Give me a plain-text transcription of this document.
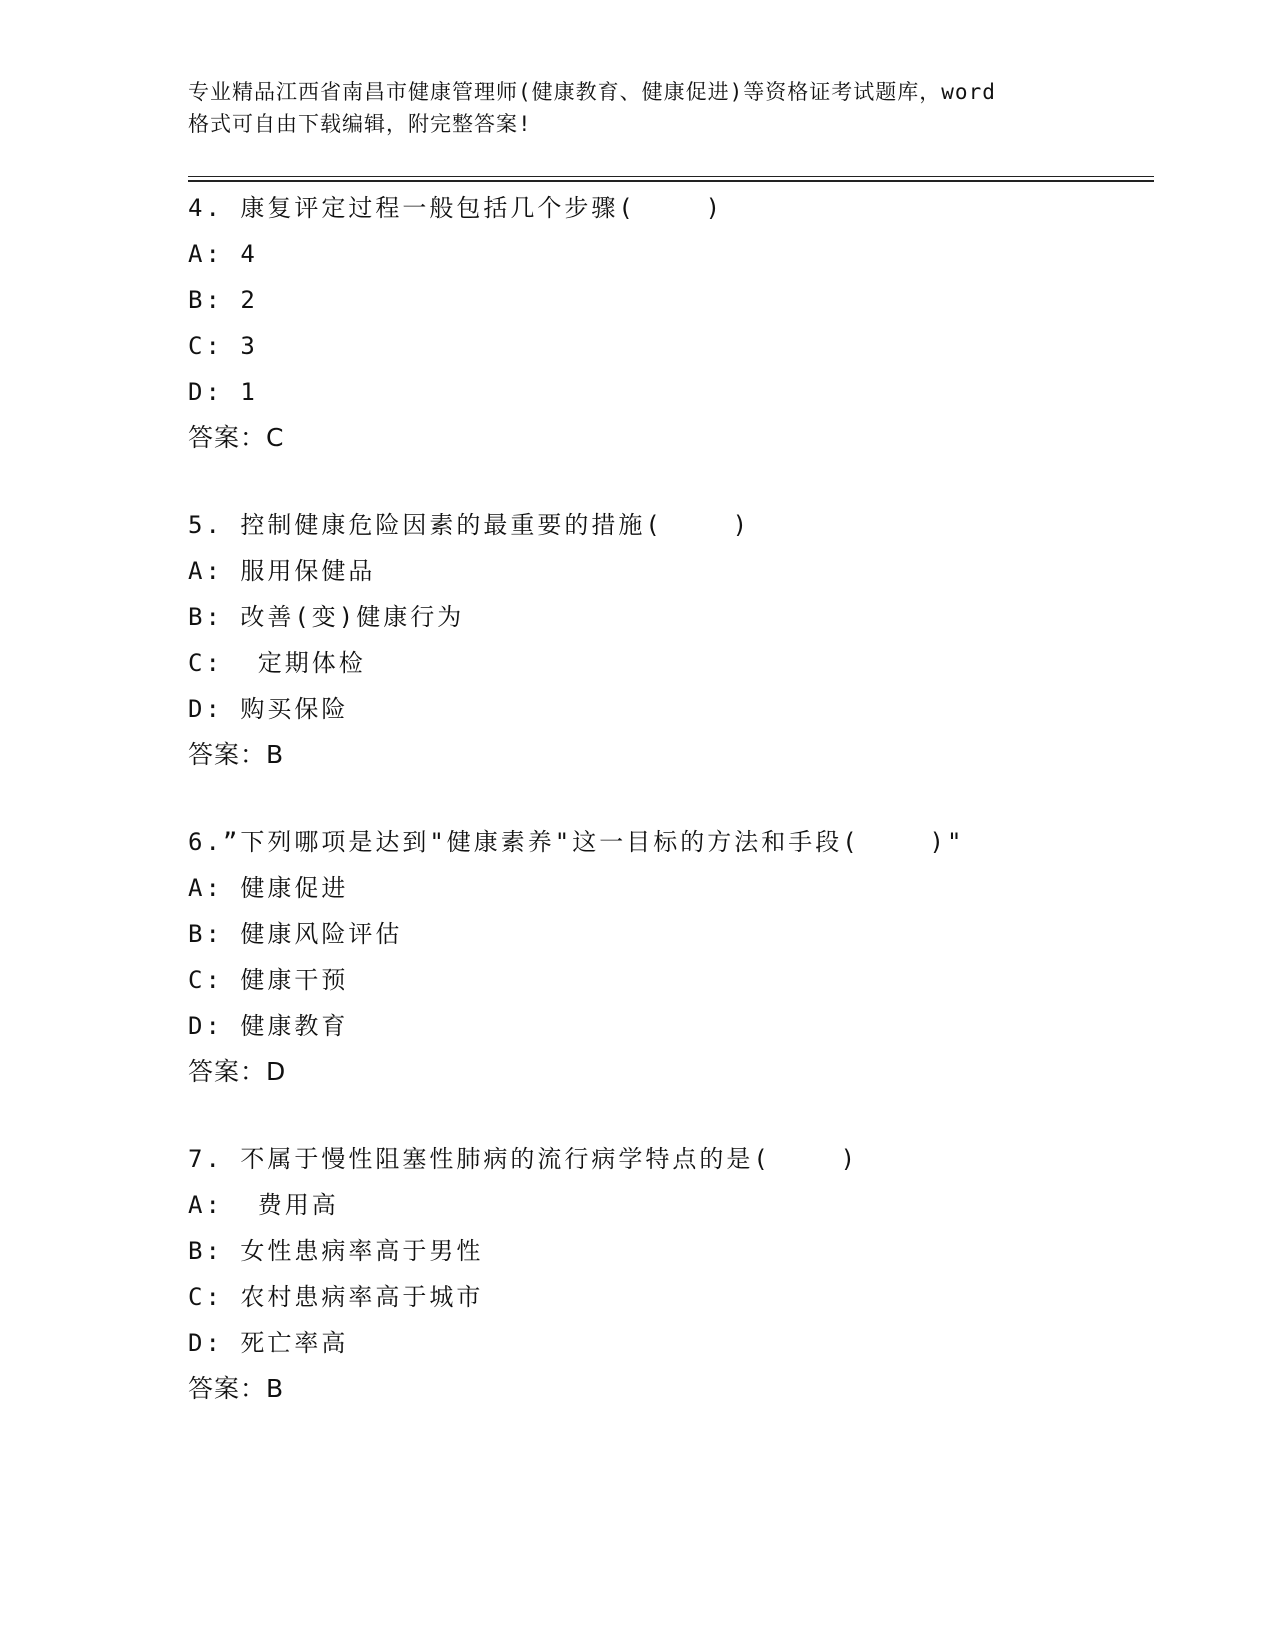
专业精品江西省南昌市健康管理师(健康教育、健康促进)等资格证考试题库，word
格式可自由下载编辑，附完整答案!
4. 康复评定过程一般包括几个步骤(    )
A: 4
B: 2
C: 3
D: 1
答案：C
5. 控制健康危险因素的最重要的措施(    )
A: 服用保健品
B: 改善(变)健康行为
C:  定期体检
D: 购买保险
答案：B
6.”下列哪项是达到"健康素养"这一目标的方法和手段(    )"
A: 健康促进
B: 健康风险评估
C: 健康干预
D: 健康教育
答案：D
7. 不属于慢性阻塞性肺病的流行病学特点的是(    )
A:  费用高
B: 女性患病率高于男性
C: 农村患病率高于城市
D: 死亡率高
答案：B
